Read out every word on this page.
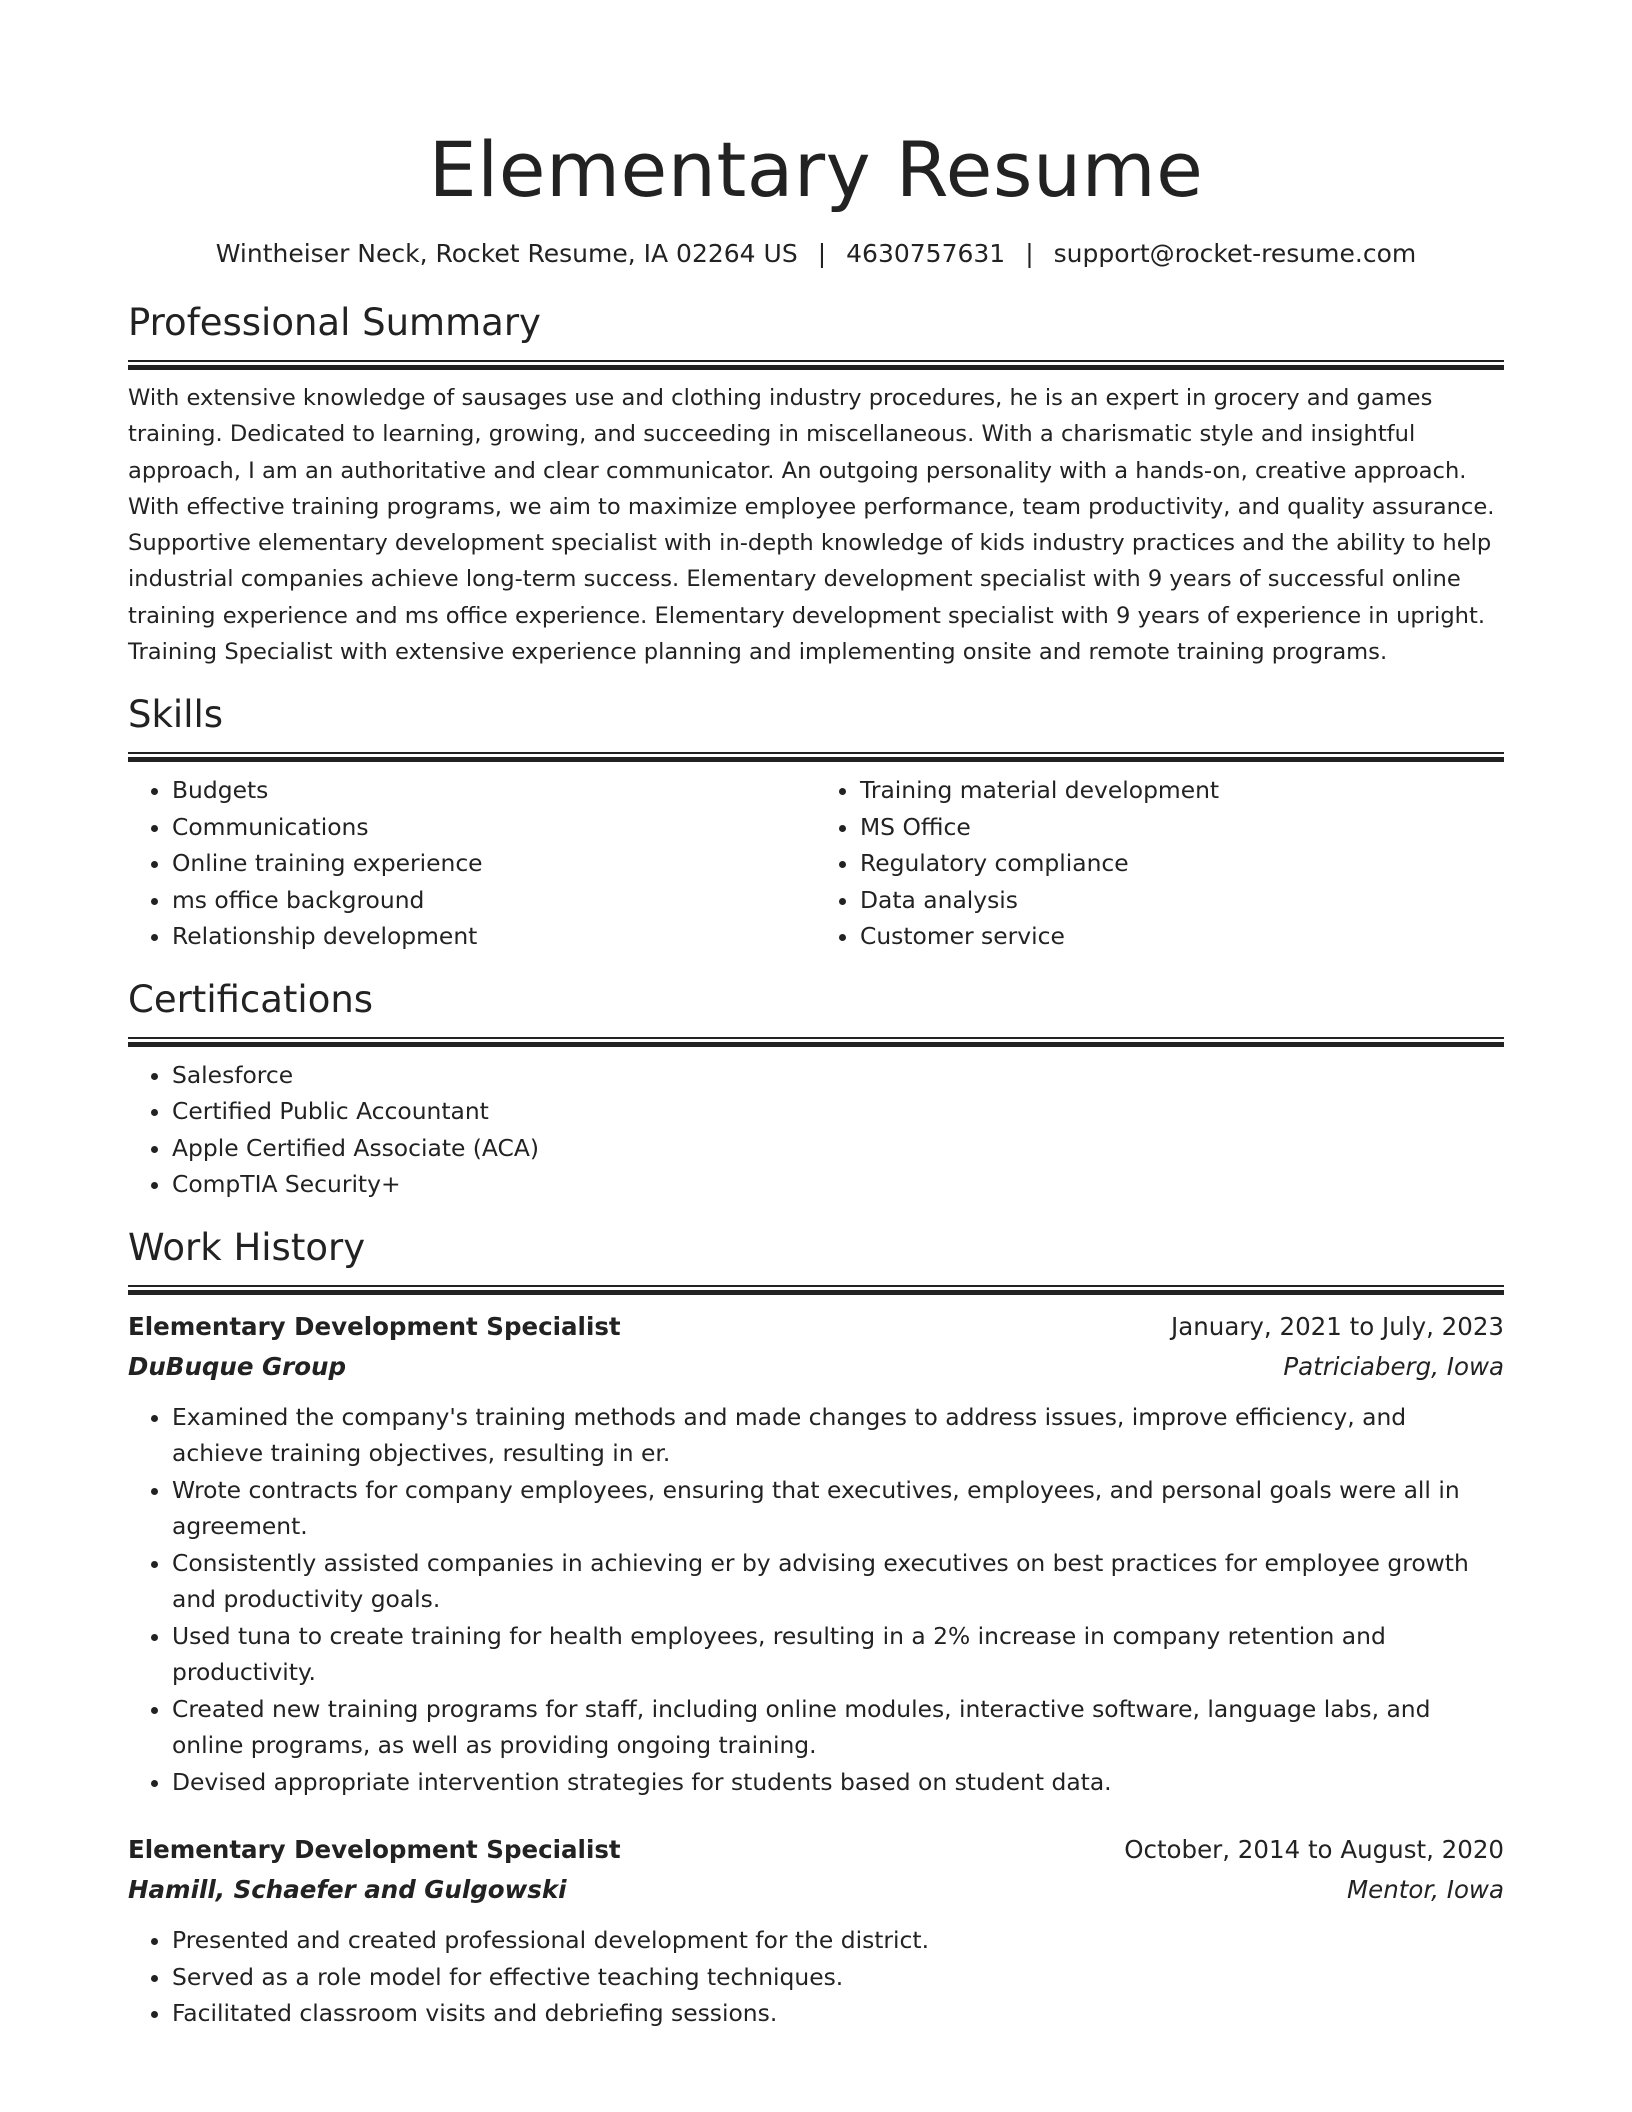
Elementary Resume
Wintheiser Neck, Rocket Resume, IA 02264 US | 4630757631 | support@rocket-resume.com
Professional Summary

With extensive knowledge of sausages use and clothing industry procedures, he is an expert in grocery and games training. Dedicated to learning, growing, and succeeding in miscellaneous. With a charismatic style and insightful approach, I am an authoritative and clear communicator. An outgoing personality with a hands-on, creative approach. With effective training programs, we aim to maximize employee performance, team productivity, and quality assurance. Supportive elementary development specialist with in-depth knowledge of kids industry practices and the ability to help industrial companies achieve long-term success. Elementary development specialist with 9 years of successful online training experience and ms office experience. Elementary development specialist with 9 years of experience in upright. Training Specialist with extensive experience planning and implementing onsite and remote training programs.

Skills
• Budgets
• Communications
• Online training experience
• ms office background
• Relationship development
• Training material development
• MS Office
• Regulatory compliance
• Data analysis
• Customer service
Certifications
• Salesforce
• Certified Public Accountant
• Apple Certified Associate (ACA)
• CompTIA Security+
Work History
Elementary Development Specialist	January, 2021 to July, 2023
DuBuque Group	Patriciaberg, Iowa
• Examined the company's training methods and made changes to address issues, improve efficiency, and achieve training objectives, resulting in er.
• Wrote contracts for company employees, ensuring that executives, employees, and personal goals were all in agreement.
• Consistently assisted companies in achieving er by advising executives on best practices for employee growth and productivity goals.
• Used tuna to create training for health employees, resulting in a 2% increase in company retention and productivity.
• Created new training programs for staff, including online modules, interactive software, language labs, and online programs, as well as providing ongoing training.
• Devised appropriate intervention strategies for students based on student data.
Elementary Development Specialist	October, 2014 to August, 2020
Hamill, Schaefer and Gulgowski	Mentor, Iowa
• Presented and created professional development for the district.
• Served as a role model for effective teaching techniques.
• Facilitated classroom visits and debriefing sessions.
